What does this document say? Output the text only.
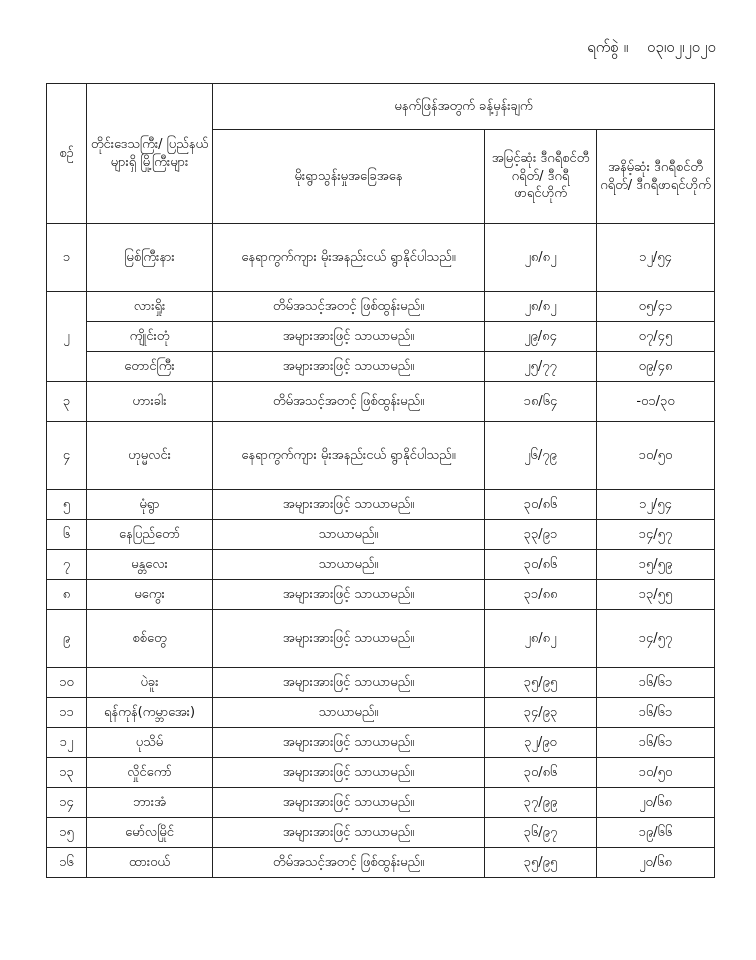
ရက်စွဲ ။ ၀၃၊၀၂၊၂၀၂၀
စဉ်	တိုင်းဒေသကြီး/ ပြည်နယ်များရှိ မြို့ကြီးများ	မနက်ဖြန်အတွက် ခန့်မှန်းချက်		
		မိုးရွာသွန်းမှုအခြေအနေ	အမြင့်ဆုံး ဒီဂရီစင်တီဂရိတ်/ ဒီဂရီဖာရင်ဟိုက်	အနိမ့်ဆုံး ဒီဂရီစင်တီဂရိတ်/ ဒီဂရီဖာရင်ဟိုက်
၁	မြစ်ကြီးနား	နေရာကွက်ကျား မိုးအနည်းငယ် ရွာနိုင်ပါသည်။	၂၈/၈၂	၁၂/၅၄
၂	လားရှိုး	တိမ်အသင့်အတင့် ဖြစ်ထွန်းမည်။	၂၈/၈၂	၀၅/၄၁
	ကျိုင်းတုံ	အများအားဖြင့် သာယာမည်။	၂၉/၈၄	၀၇/၄၅
	တောင်ကြီး	အများအားဖြင့် သာယာမည်။	၂၅/၇၇	၀၉/၄၈
၃	ဟားခါး	တိမ်အသင့်အတင့် ဖြစ်ထွန်းမည်။	၁၈/၆၄	-၀၁/၃၀
၄	ဟုမ္မလင်း	နေရာကွက်ကျား မိုးအနည်းငယ် ရွာနိုင်ပါသည်။	၂၆/၇၉	၁၀/၅၀
၅	မုံရွာ	အများအားဖြင့် သာယာမည်။	၃၀/၈၆	၁၂/၅၄
၆	နေပြည်တော်	သာယာမည်။	၃၃/၉၁	၁၄/၅၇
၇	မန္တလေး	သာယာမည်။	၃၀/၈၆	၁၅/၅၉
၈	မကွေး	အများအားဖြင့် သာယာမည်။	၃၁/၈၈	၁၃/၅၅
၉	စစ်တွေ	အများအားဖြင့် သာယာမည်။	၂၈/၈၂	၁၄/၅၇
၁၀	ပဲခူး	အများအားဖြင့် သာယာမည်။	၃၅/၉၅	၁၆/၆၁
၁၁	ရန်ကုန်(ကမ္ဘာအေး)	သာယာမည်။	၃၄/၉၃	၁၆/၆၁
၁၂	ပုသိမ်	အများအားဖြင့် သာယာမည်။	၃၂/၉၀	၁၆/၆၁
၁၃	လှိုင်ကော်	အများအားဖြင့် သာယာမည်။	၃၀/၈၆	၁၀/၅၀
၁၄	ဘားအံ	အများအားဖြင့် သာယာမည်။	၃၇/၉၉	၂၀/၆၈
၁၅	မော်လမြိုင်	အများအားဖြင့် သာယာမည်။	၃၆/၉၇	၁၉/၆၆
၁၆	ထားဝယ်	တိမ်အသင့်အတင့် ဖြစ်ထွန်းမည်။	၃၅/၉၅	၂၀/၆၈
